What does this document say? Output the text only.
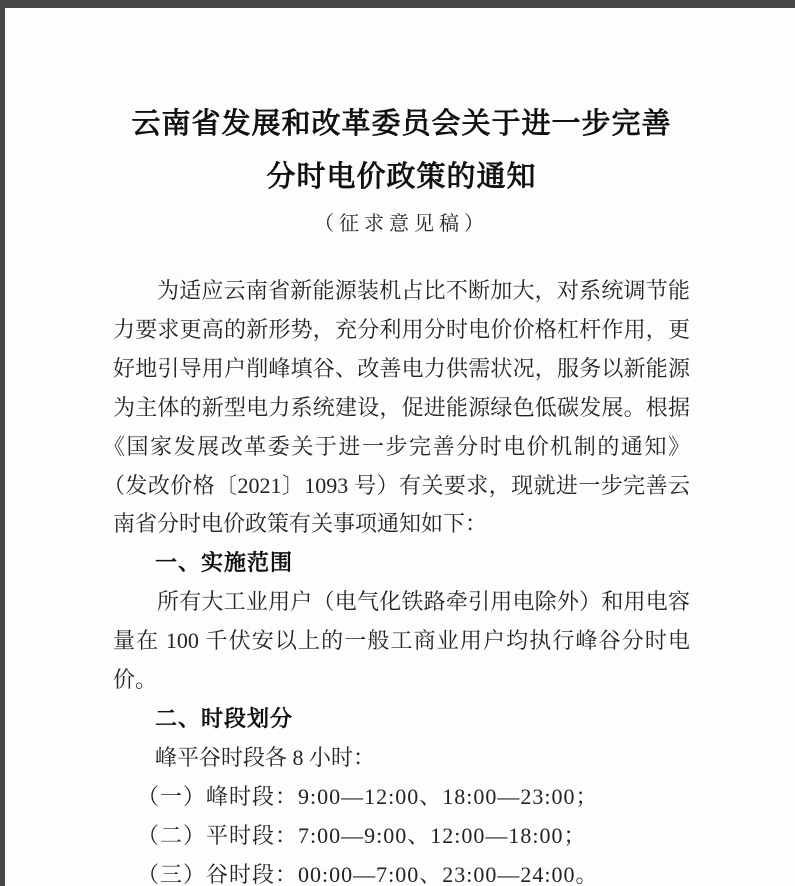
云南省发展和改革委员会关于进一步完善
分时电价政策的通知
（征求意见稿）
为适应云南省新能源装机占比不断加大，对系统调节能
力要求更高的新形势，充分利用分时电价价格杠杆作用，更
好地引导用户削峰填谷、改善电力供需状况，服务以新能源
为主体的新型电力系统建设，促进能源绿色低碳发展。根据
《国家发展改革委关于进一步完善分时电价机制的通知》
（发改价格〔2021〕1093 号）有关要求，现就进一步完善云
南省分时电价政策有关事项通知如下：
一、实施范围
所有大工业用户（电气化铁路牵引用电除外）和用电容
量在 100 千伏安以上的一般工商业用户均执行峰谷分时电
价。
二、时段划分
峰平谷时段各 8 小时：
（一）峰时段：9:00—12:00、18:00—23:00；
（二）平时段：7:00—9:00、12:00—18:00；
（三）谷时段：00:00—7:00、23:00—24:00。
